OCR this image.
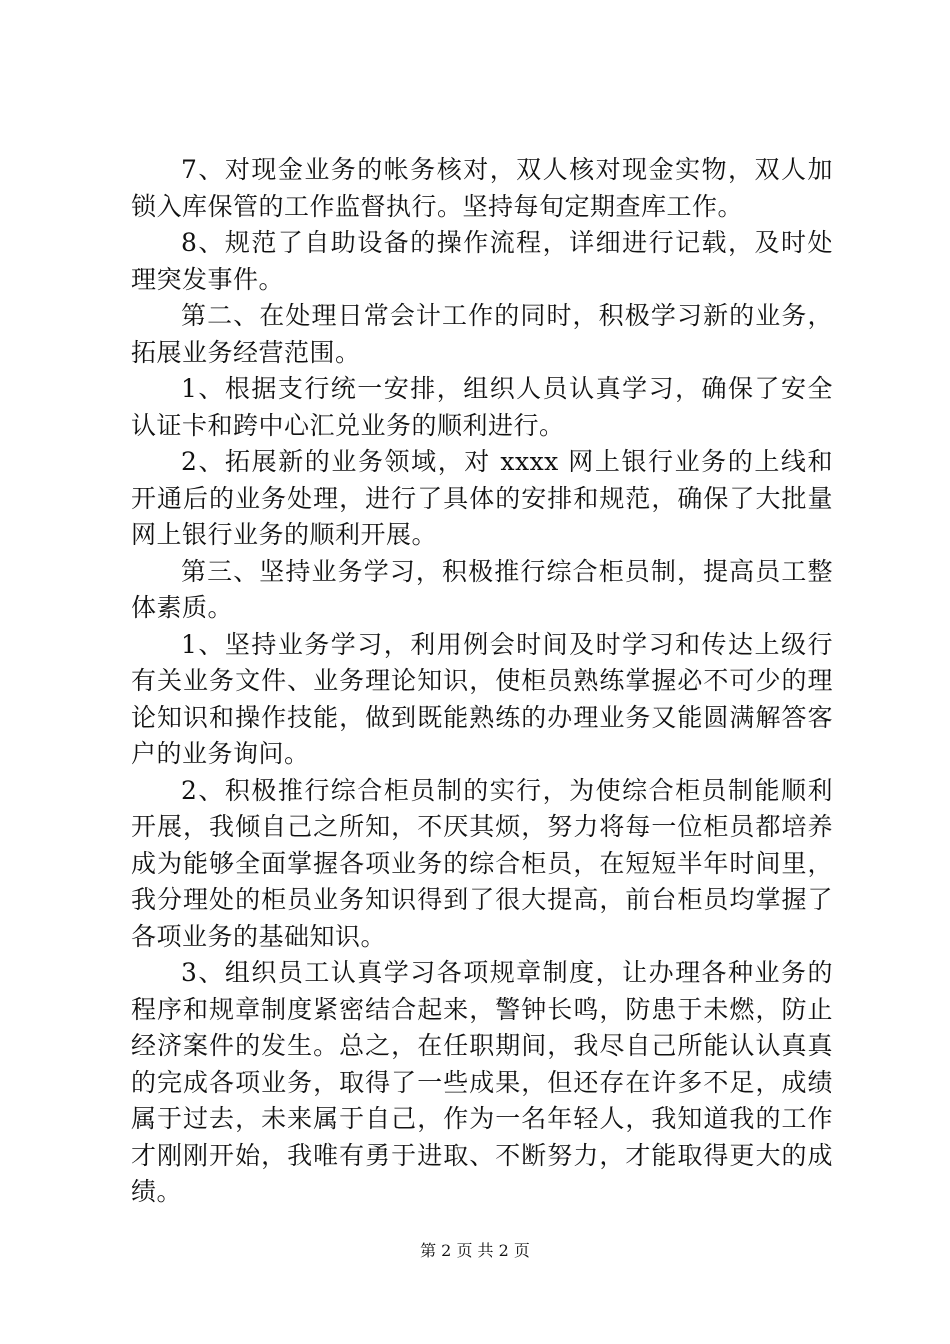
7、对现金业务的帐务核对，双人核对现金实物，双人加锁入库保管的工作监督执行。坚持每旬定期查库工作。

8、规范了自助设备的操作流程，详细进行记载，及时处理突发事件。

第二、在处理日常会计工作的同时，积极学习新的业务，拓展业务经营范围。

1、根据支行统一安排，组织人员认真学习，确保了安全认证卡和跨中心汇兑业务的顺利进行。

2、拓展新的业务领域，对 xxxx 网上银行业务的上线和开通后的业务处理，进行了具体的安排和规范，确保了大批量网上银行业务的顺利开展。

第三、坚持业务学习，积极推行综合柜员制，提高员工整体素质。

1、坚持业务学习，利用例会时间及时学习和传达上级行有关业务文件、业务理论知识，使柜员熟练掌握必不可少的理论知识和操作技能，做到既能熟练的办理业务又能圆满解答客户的业务询问。

2、积极推行综合柜员制的实行，为使综合柜员制能顺利开展，我倾自己之所知，不厌其烦，努力将每一位柜员都培养成为能够全面掌握各项业务的综合柜员，在短短半年时间里，我分理处的柜员业务知识得到了很大提高，前台柜员均掌握了各项业务的基础知识。

3、组织员工认真学习各项规章制度，让办理各种业务的程序和规章制度紧密结合起来，警钟长鸣，防患于未燃，防止经济案件的发生。总之，在任职期间，我尽自己所能认认真真的完成各项业务，取得了一些成果，但还存在许多不足，成绩属于过去，未来属于自己，作为一名年轻人，我知道我的工作才刚刚开始，我唯有勇于进取、不断努力，才能取得更大的成绩。

第 2 页 共 2 页
